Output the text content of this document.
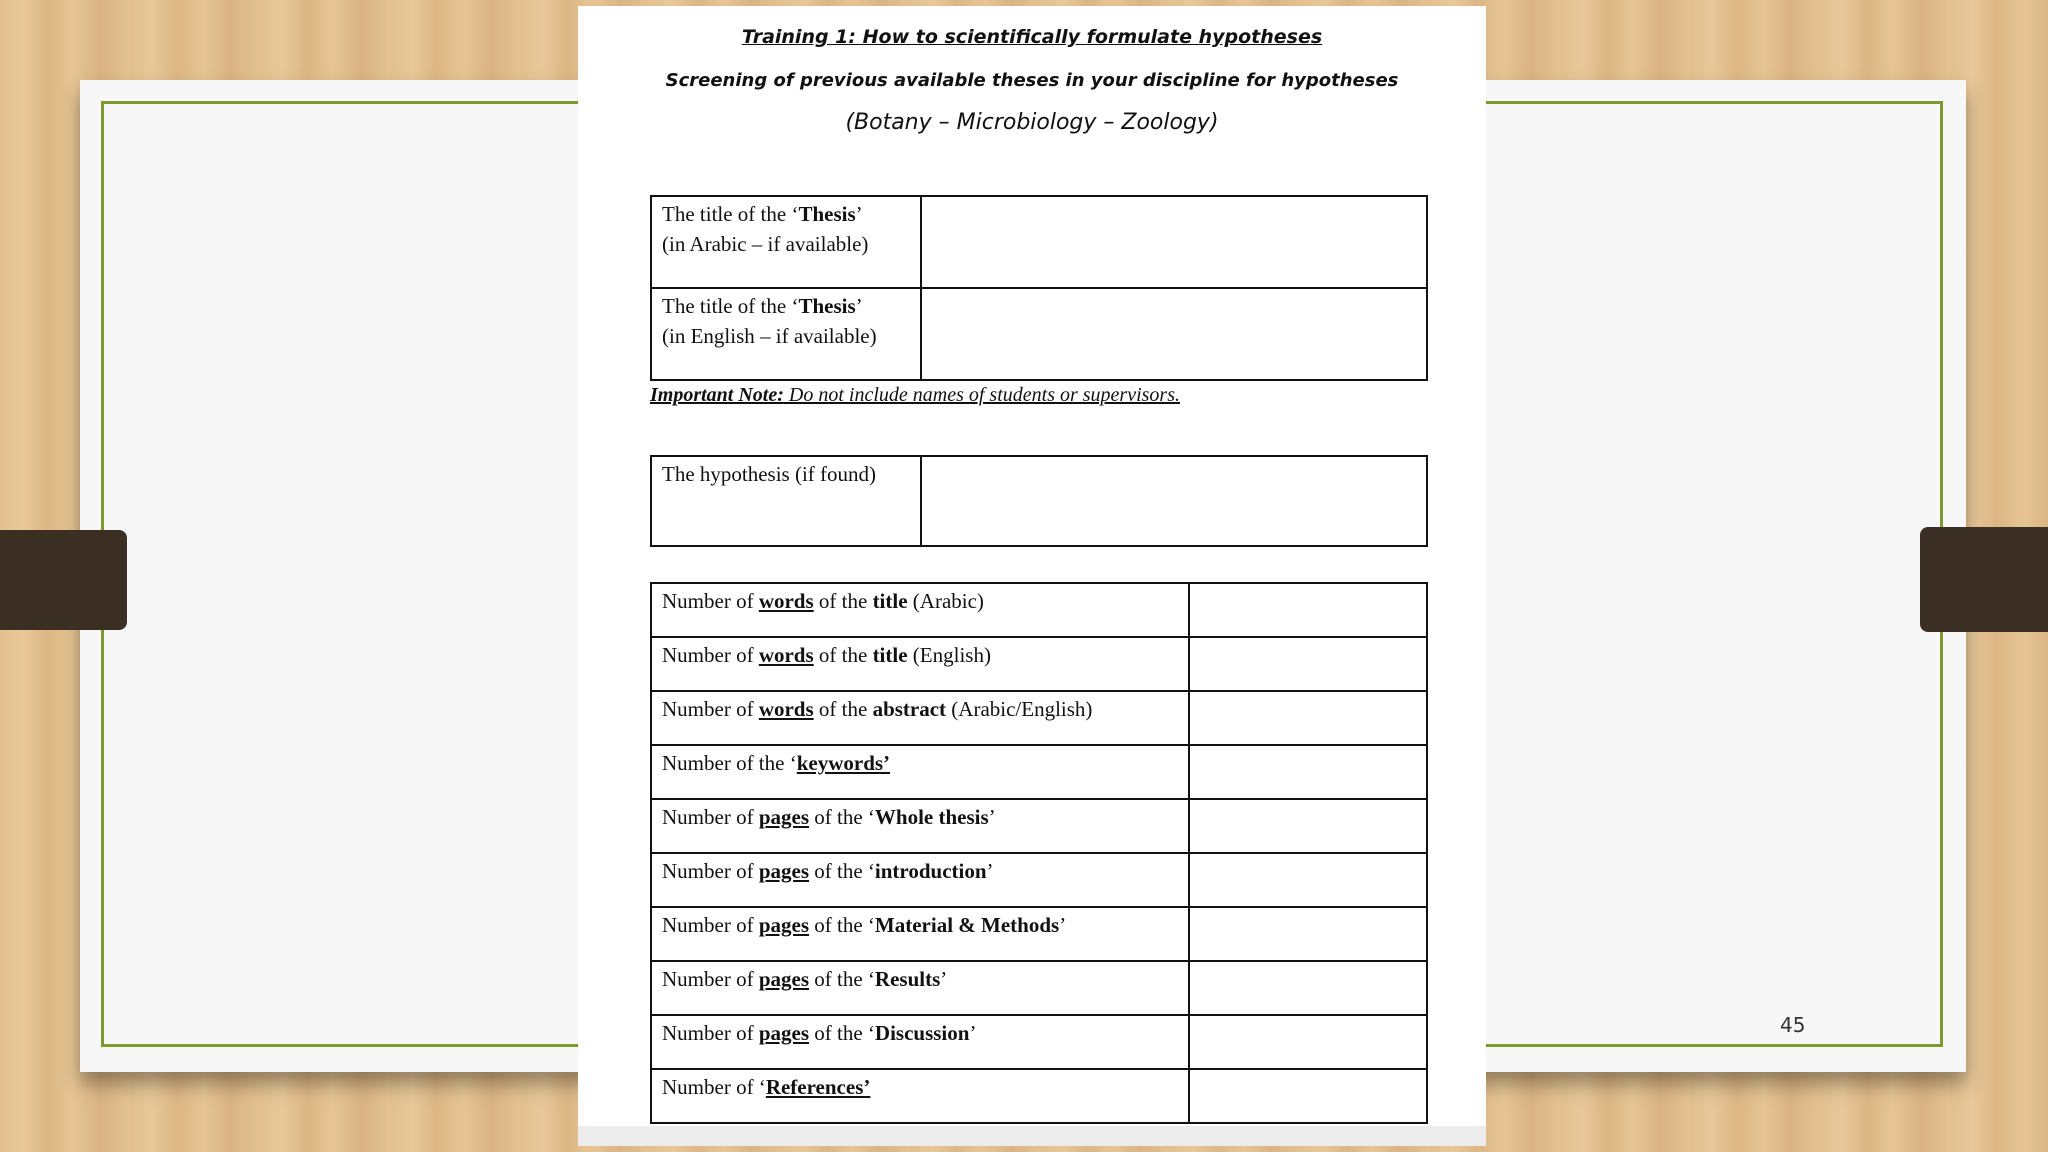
45
Training 1: How to scientifically formulate hypotheses
Screening of previous available theses in your discipline for hypotheses
(Botany – Microbiology – Zoology)
The title of the ‘Thesis’
(in Arabic – if available)	
The title of the ‘Thesis’
(in English – if available)	
Important Note: Do not include names of students or supervisors.
The hypothesis (if found)	
Number of words of the title (Arabic)	
Number of words of the title (English)	
Number of words of the abstract (Arabic/English)	
Number of the ‘keywords’	
Number of pages of the ‘Whole thesis’	
Number of pages of the ‘introduction’	
Number of pages of the ‘Material & Methods’	
Number of pages of the ‘Results’	
Number of pages of the ‘Discussion’	
Number of ‘References’	
